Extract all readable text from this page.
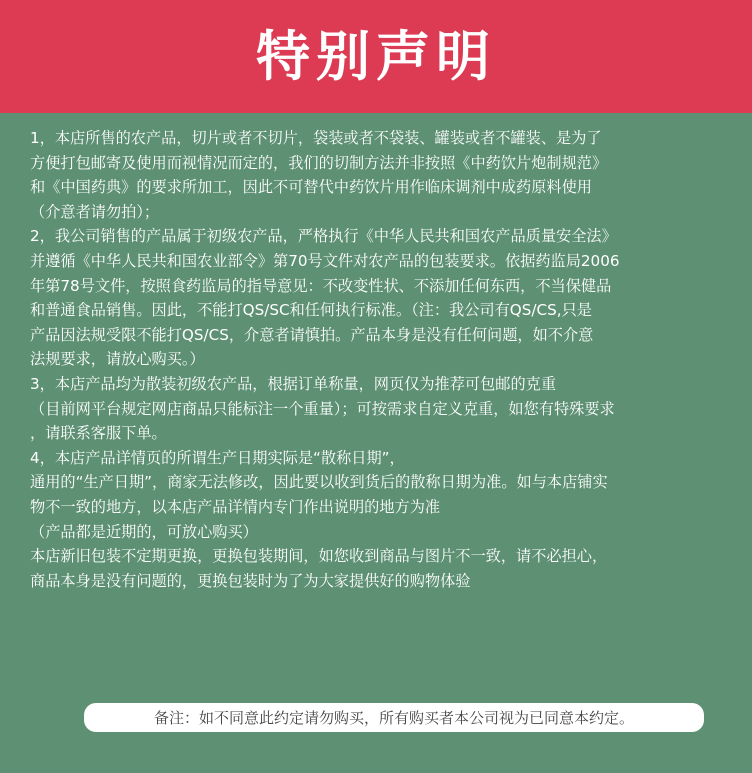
特别声明
1，本店所售的农产品，切片或者不切片，袋装或者不袋装、罐装或者不罐装、是为了
方便打包邮寄及使用而视情况而定的，我们的切制方法并非按照《中药饮片炮制规范》
和《中国药典》的要求所加工，因此不可替代中药饮片用作临床调剂中成药原料使用
（介意者请勿拍）；
2，我公司销售的产品属于初级农产品，严格执行《中华人民共和国农产品质量安全法》
并遵循《中华人民共和国农业部令》第70号文件对农产品的包装要求。依据药监局2006
年第78号文件，按照食药监局的指导意见：不改变性状、不添加任何东西，不当保健品
和普通食品销售。因此，不能打QS/SC和任何执行标准。（注：我公司有QS/CS,只是
产品因法规受限不能打QS/CS，介意者请慎拍。产品本身是没有任何问题，如不介意
法规要求，请放心购买。）
3，本店产品均为散装初级农产品，根据订单称量，网页仅为推荐可包邮的克重
（目前网平台规定网店商品只能标注一个重量）；可按需求自定义克重，如您有特殊要求
，请联系客服下单。
4，本店产品详情页的所谓生产日期实际是“散称日期”，
通用的“生产日期”，商家无法修改，因此要以收到货后的散称日期为准。如与本店铺实
物不一致的地方，以本店产品详情内专门作出说明的地方为准
（产品都是近期的，可放心购买）
本店新旧包装不定期更换，更换包装期间，如您收到商品与图片不一致，请不必担心，
商品本身是没有问题的，更换包装时为了为大家提供好的购物体验
备注：如不同意此约定请勿购买，所有购买者本公司视为已同意本约定。
